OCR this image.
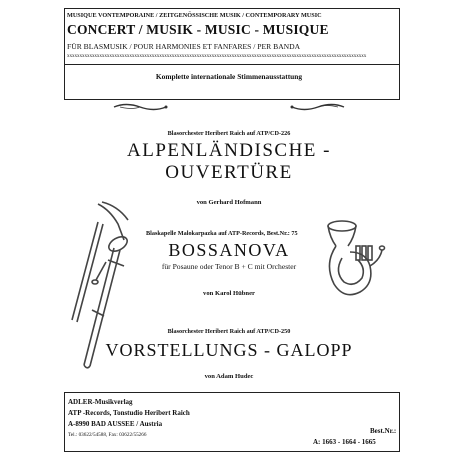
MUSIQUE VONTEMPORAINE / ZEITGENÖSSISCHE MUSIK / CONTEMPORARY MUSIC
CONCERT / MUSIK - MUSIC - MUSIQUE
FÜR BLASMUSIK / POUR HARMONIES ET FANFARES / PER BANDA
xxxxxxxxxxxxxxxxxxxxxxxxxxxxxxxxxxxxxxxxxxxxxxxxxxxxxxxxxxxxxxxxxxxxxxxxxxxxxxxxxxxxxxxxxxxxxxxxxxxxxxxxxxxxxxxxxxxxxxxx
Komplette internationale Stimmenausstattung
Blasorchester Heribert Raich auf ATP/CD-226
ALPENLÄNDISCHE -
OUVERTÜRE
von Gerhard Hofmann
Blaskapelle Malokarpazka auf ATP-Records, Best.Nr.: 75
BOSSANOVA
für Posaune oder Tenor B + C mit Orchester
von Karol Hübner
Blasorchester Heribert Raich auf ATP/CD-250
VORSTELLUNGS - GALOPP
von Adam Hudec
ADLER-Musikverlag
ATP -Records, Tonstudio Heribert Raich
A-8990 BAD AUSSEE / Austria
Tel.: 03622/54588, Fax: 03622/55266	Best.Nr.:
A: 1663 - 1664 - 1665
